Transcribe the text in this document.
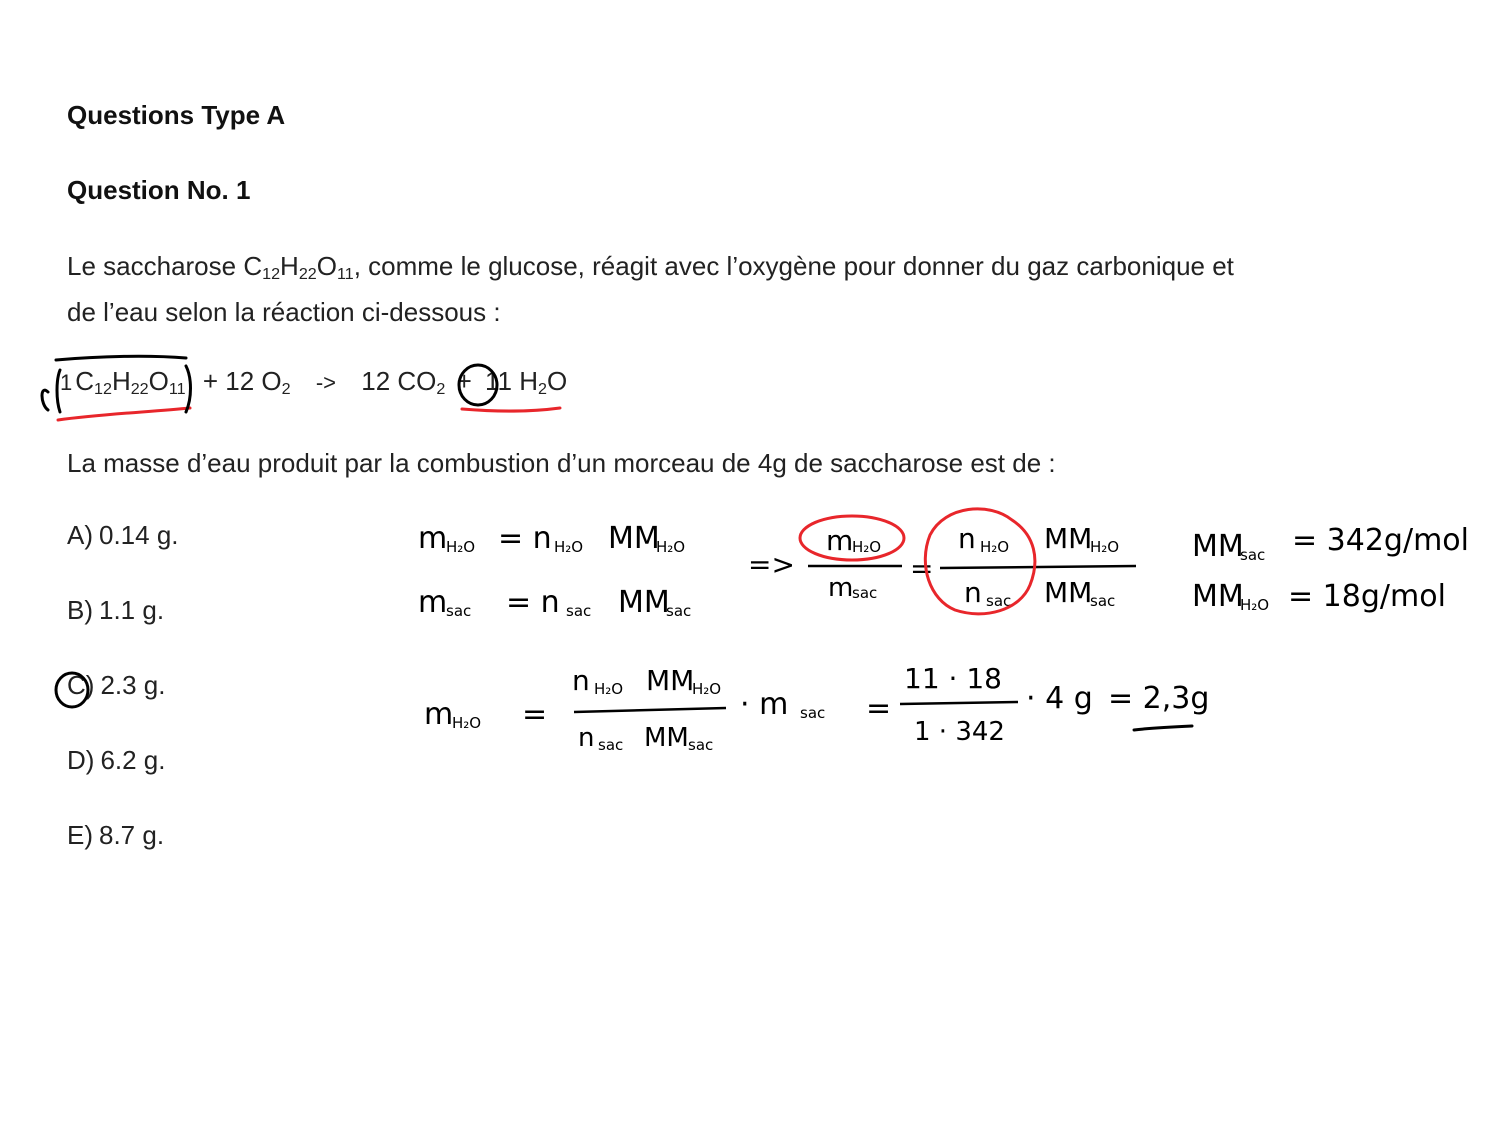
Questions Type A
Question No. 1
Le saccharose $C_{12}H_{22}O_{11}$, comme le glucose, réagit avec l’oxygène pour donner du gaz carbonique et
de l’eau selon la réaction ci-dessous :
1 $C_{12}H_{22}O_{11} + 12$ $O_2 -> 12$ $CO_2 + 11$ $H_2O$
La masse d’eau produit par la combustion d’un morceau de 4g de saccharose est de :
A) 0.14 g.
B) 1.1 g.
C) 2.3 g.
D) 6.2 g.
E) 8.7 g.
m
H₂O = n H₂O MM
H₂O
m
sac = n sac MM
sac
=>
m
H₂O
m
sac
=
n H₂O MM
H₂O
n sac MM
sac
MM
sac = 342g/mol
MM
H₂O = 18g/mol
m
H₂O =
n H₂O MM
H₂O
n sac MM sac
· m sac =
11 · 18
1 · 342
· 4 g = 2,3g
